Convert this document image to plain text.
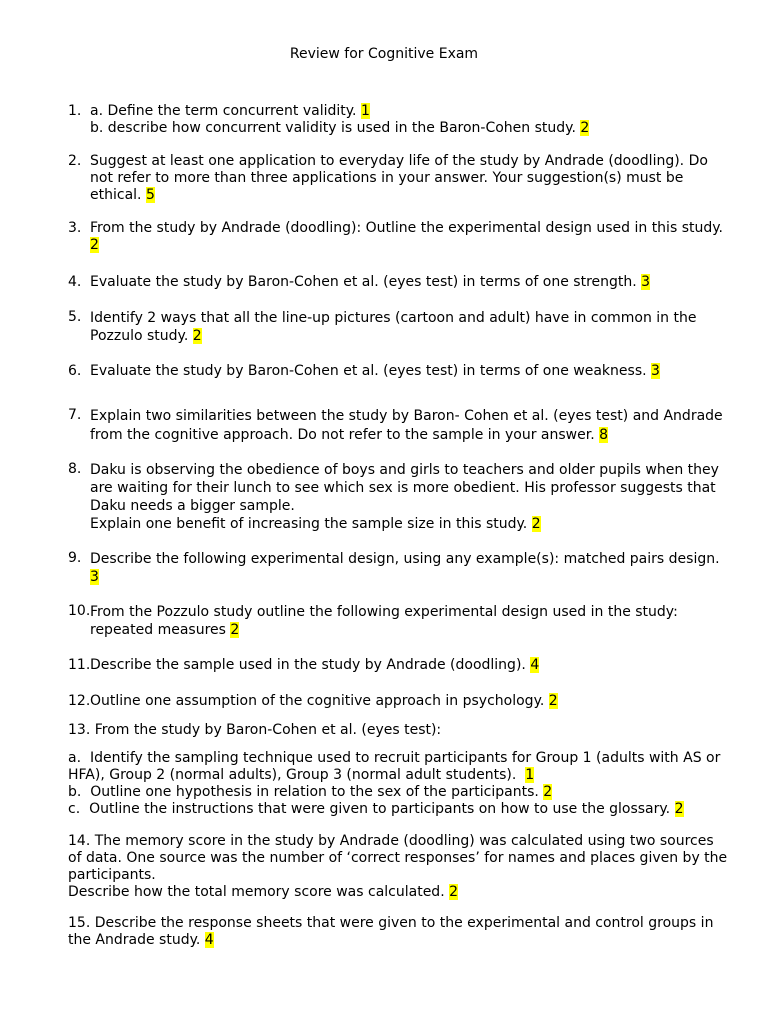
Review for Cognitive Exam
1. a. Define the term concurrent validity. 1
b. describe how concurrent validity is used in the Baron-Cohen study. 2
2. Suggest at least one application to everyday life of the study by Andrade (doodling). Do not refer to more than three applications in your answer. Your suggestion(s) must be ethical. 5
3. From the study by Andrade (doodling): Outline the experimental design used in this study. 2
4. Evaluate the study by Baron-Cohen et al. (eyes test) in terms of one strength. 3
5. Identify 2 ways that all the line-up pictures (cartoon and adult) have in common in the Pozzulo study. 2
6. Evaluate the study by Baron-Cohen et al. (eyes test) in terms of one weakness. 3
7. Explain two similarities between the study by Baron- Cohen et al. (eyes test) and Andrade from the cognitive approach. Do not refer to the sample in your answer. 8
8. Daku is observing the obedience of boys and girls to teachers and older pupils when they are waiting for their lunch to see which sex is more obedient. His professor suggests that Daku needs a bigger sample.
Explain one benefit of increasing the sample size in this study. 2
9. Describe the following experimental design, using any example(s): matched pairs design. 3
10. From the Pozzulo study outline the following experimental design used in the study: repeated measures 2
11. Describe the sample used in the study by Andrade (doodling). 4
12. Outline one assumption of the cognitive approach in psychology. 2
13. From the study by Baron-Cohen et al. (eyes test):
a. Identify the sampling technique used to recruit participants for Group 1 (adults with AS or HFA), Group 2 (normal adults), Group 3 (normal adult students). 1
b. Outline one hypothesis in relation to the sex of the participants. 2
c. Outline the instructions that were given to participants on how to use the glossary. 2
14. The memory score in the study by Andrade (doodling) was calculated using two sources of data. One source was the number of ‘correct responses’ for names and places given by the participants.
Describe how the total memory score was calculated. 2
15. Describe the response sheets that were given to the experimental and control groups in the Andrade study. 4
